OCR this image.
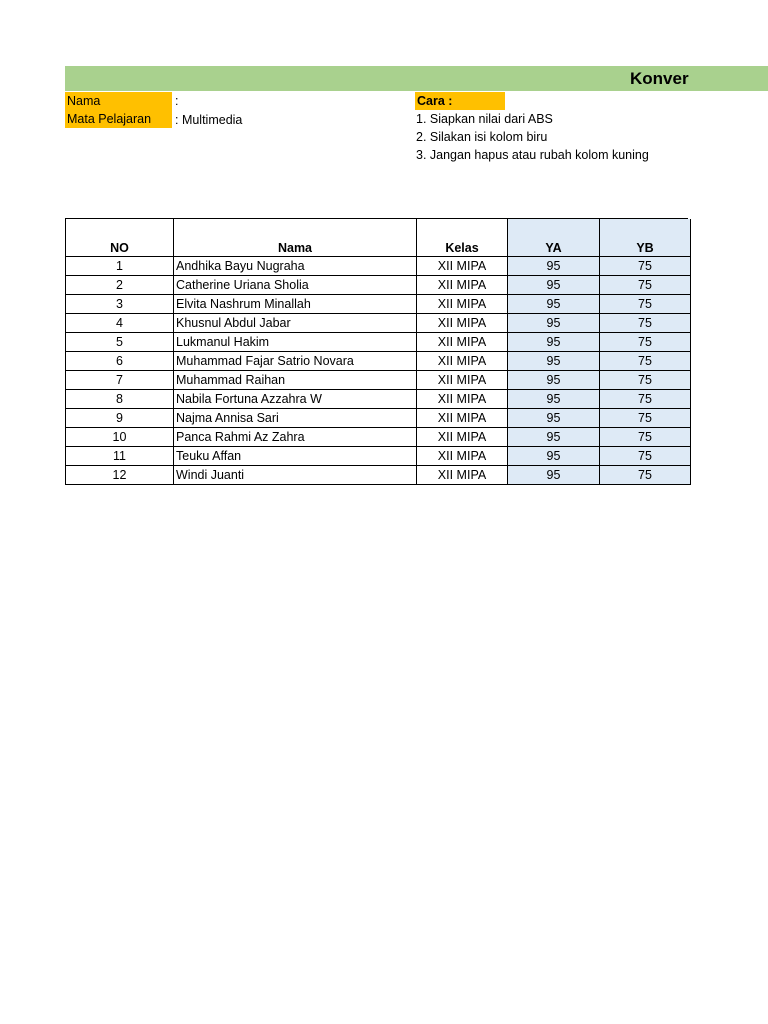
Konver
Nama	:
Mata Pelajaran	: Multimedia
Cara :
1. Siapkan nilai dari ABS
2. Silakan isi kolom biru
3. Jangan hapus atau rubah kolom kuning
NO	Nama	Kelas	YA	YB
1	Andhika Bayu Nugraha	XII MIPA	95	75
2	Catherine Uriana Sholia	XII MIPA	95	75
3	Elvita Nashrum Minallah	XII MIPA	95	75
4	Khusnul Abdul Jabar	XII MIPA	95	75
5	Lukmanul Hakim	XII MIPA	95	75
6	Muhammad Fajar Satrio Novara	XII MIPA	95	75
7	Muhammad Raihan	XII MIPA	95	75
8	Nabila Fortuna Azzahra W	XII MIPA	95	75
9	Najma Annisa Sari	XII MIPA	95	75
10	Panca Rahmi Az Zahra	XII MIPA	95	75
11	Teuku Affan	XII MIPA	95	75
12	Windi Juanti	XII MIPA	95	75
